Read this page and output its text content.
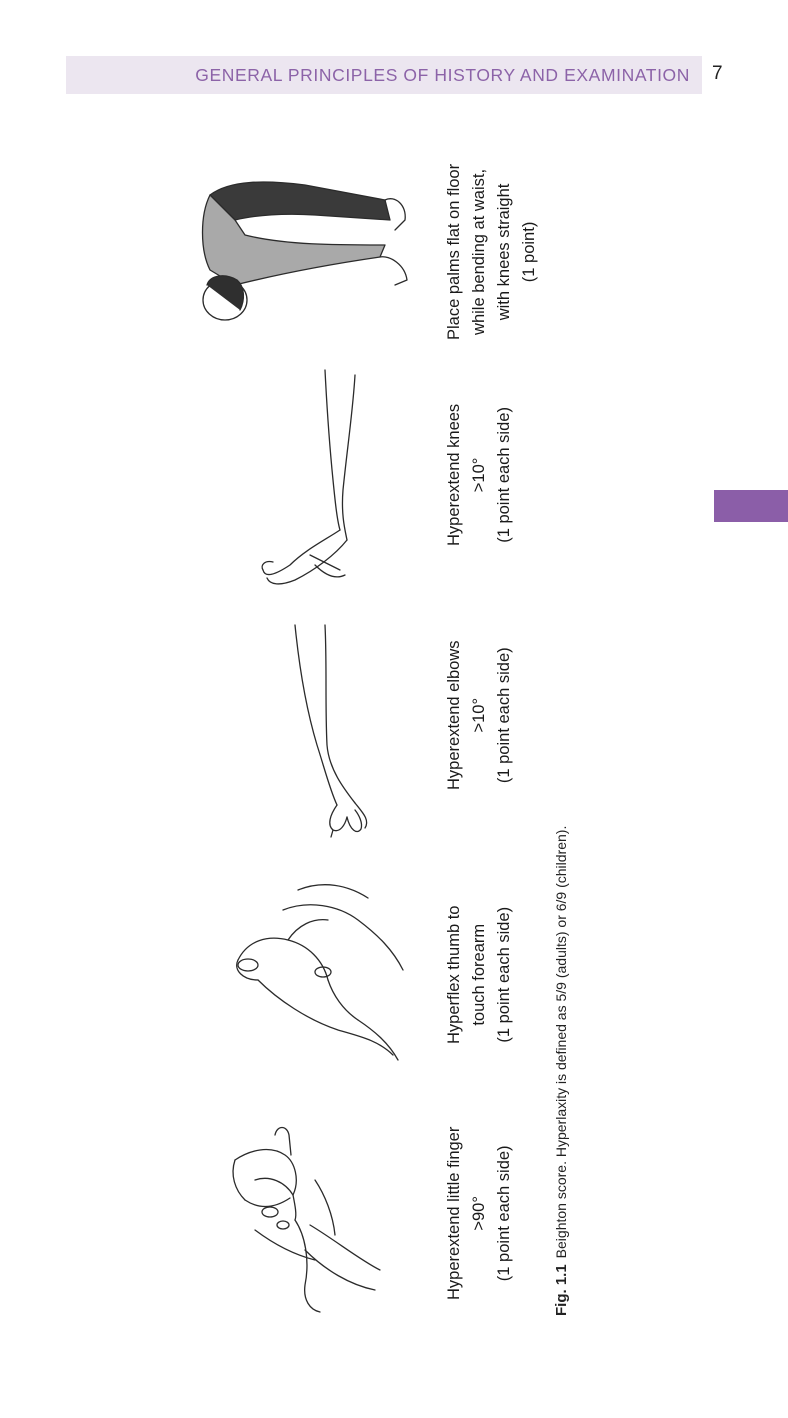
GENERAL PRINCIPLES OF HISTORY AND EXAMINATION 7
Hyperextend little finger >90° (1 point each side)
Hyperflex thumb to touch forearm (1 point each side)
Hyperextend elbows >10° (1 point each side)
Hyperextend knees >10° (1 point each side)
Place palms flat on floor while bending at waist, with knees straight (1 point)
Fig. 1.1Beighton score. Hyperlaxity is defined as 5/9 (adults) or 6/9 (children).
